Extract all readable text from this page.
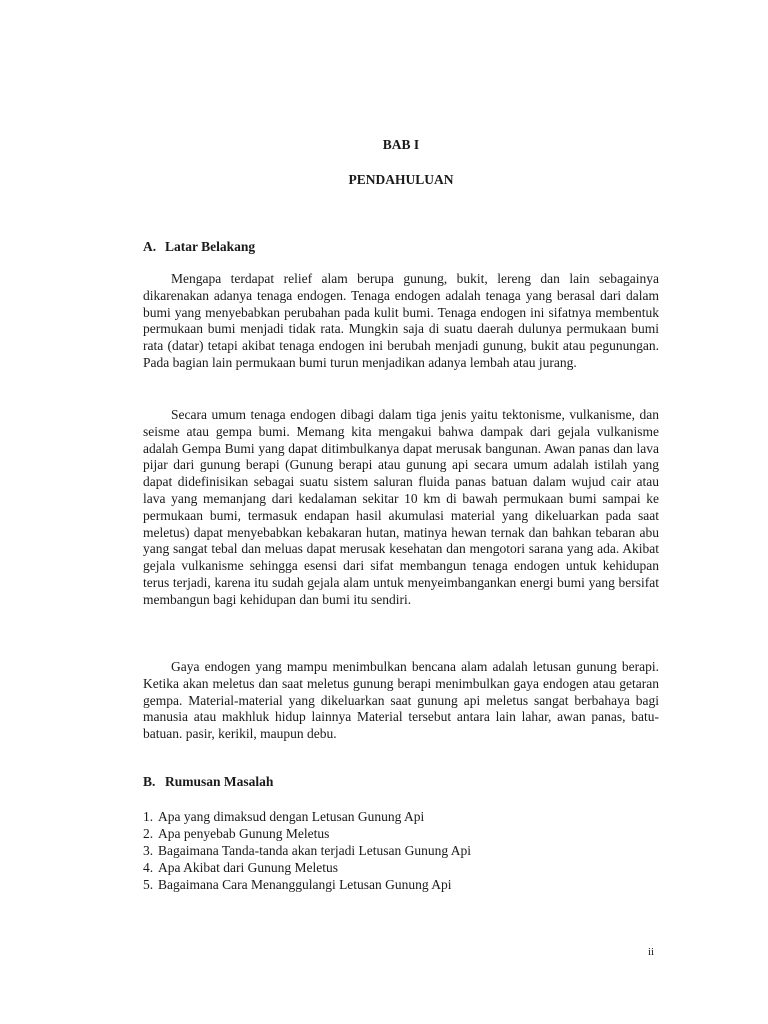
BAB I
PENDAHULUAN
A. Latar Belakang

Mengapa terdapat relief alam berupa gunung, bukit, lereng dan lain sebagainya dikarenakan adanya tenaga endogen. Tenaga endogen adalah tenaga yang berasal dari dalam bumi yang menyebabkan perubahan pada kulit bumi. Tenaga endogen ini sifatnya membentuk permukaan bumi menjadi tidak rata. Mungkin saja di suatu daerah dulunya permukaan bumi rata (datar) tetapi akibat tenaga endogen ini berubah menjadi gunung, bukit atau pegunungan. Pada bagian lain permukaan bumi turun menjadikan adanya lembah atau jurang.

Secara umum tenaga endogen dibagi dalam tiga jenis yaitu tektonisme, vulkanisme, dan seisme atau gempa bumi. Memang kita mengakui bahwa dampak dari gejala vulkanisme adalah Gempa Bumi yang dapat ditimbulkanya dapat merusak bangunan. Awan panas dan lava pijar dari gunung berapi (Gunung berapi atau gunung api secara umum adalah istilah yang dapat didefinisikan sebagai suatu sistem saluran fluida panas batuan dalam wujud cair atau lava yang memanjang dari kedalaman sekitar 10 km di bawah permukaan bumi sampai ke permukaan bumi, termasuk endapan hasil akumulasi material yang dikeluarkan pada saat meletus) dapat menyebabkan kebakaran hutan, matinya hewan ternak dan bahkan tebaran abu yang sangat tebal dan meluas dapat merusak kesehatan dan mengotori sarana yang ada. Akibat gejala vulkanisme sehingga esensi dari sifat membangun tenaga endogen untuk kehidupan terus terjadi, karena itu sudah gejala alam untuk menyeimbangankan energi bumi yang bersifat membangun bagi kehidupan dan bumi itu sendiri.

Gaya endogen yang mampu menimbulkan bencana alam adalah letusan gunung berapi. Ketika akan meletus dan saat meletus gunung berapi menimbulkan gaya endogen atau getaran gempa. Material-material yang dikeluarkan saat gunung api meletus sangat berbahaya bagi manusia atau makhluk hidup lainnya Material tersebut antara lain lahar, awan panas, batu-batuan. pasir, kerikil, maupun debu.

B. Rumusan Masalah
1. Apa yang dimaksud dengan Letusan Gunung Api
2. Apa penyebab Gunung Meletus
3. Bagaimana Tanda-tanda akan terjadi Letusan Gunung Api
4. Apa Akibat dari Gunung Meletus
5. Bagaimana Cara Menanggulangi Letusan Gunung Api
ii
